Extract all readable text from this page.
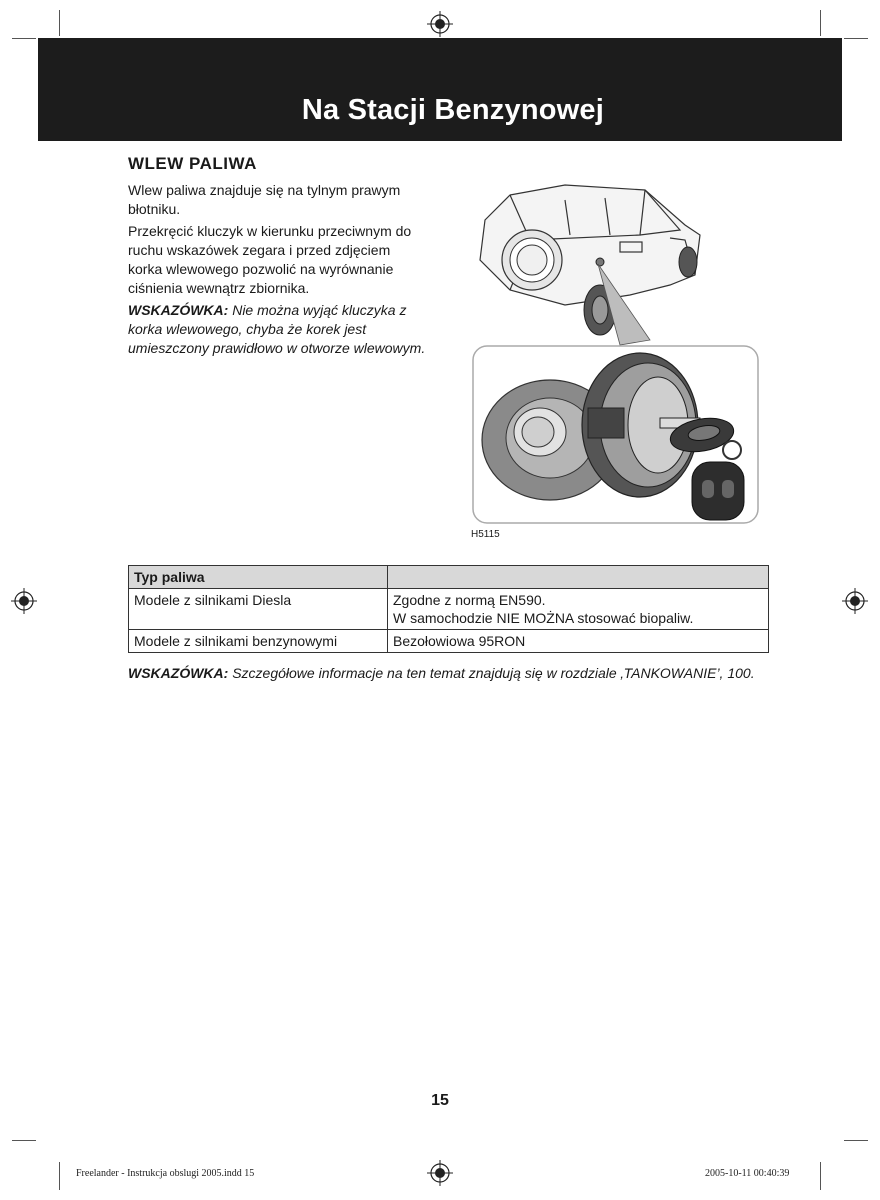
Na Stacji Benzynowej
WLEW PALIWA
Wlew paliwa znajduje się na tylnym prawym błotniku.
Przekręcić kluczyk w kierunku przeciwnym do ruchu wskazówek zegara i przed zdjęciem korka wlewowego pozwolić na wyrównanie ciśnienia wewnątrz zbiornika.
WSKAZÓWKA: Nie można wyjąć kluczyka z korka wlewowego, chyba że korek jest umieszczony prawidłowo w otworze wlewowym.
H5115
Typ paliwa	
Modele z silnikami Diesla	Zgodne z normą EN590.
W samochodzie NIE MOŻNA stosować biopaliw.

Modele z silnikami benzynowymi	Bezołowiowa 95RON
WSKAZÓWKA: Szczegółowe informacje na ten temat znajdują się w rozdziale ‚TANKOWANIE’, 100.
15
Freelander - Instrukcja obslugi 2005.indd 15	2005-10-11 00:40:39
